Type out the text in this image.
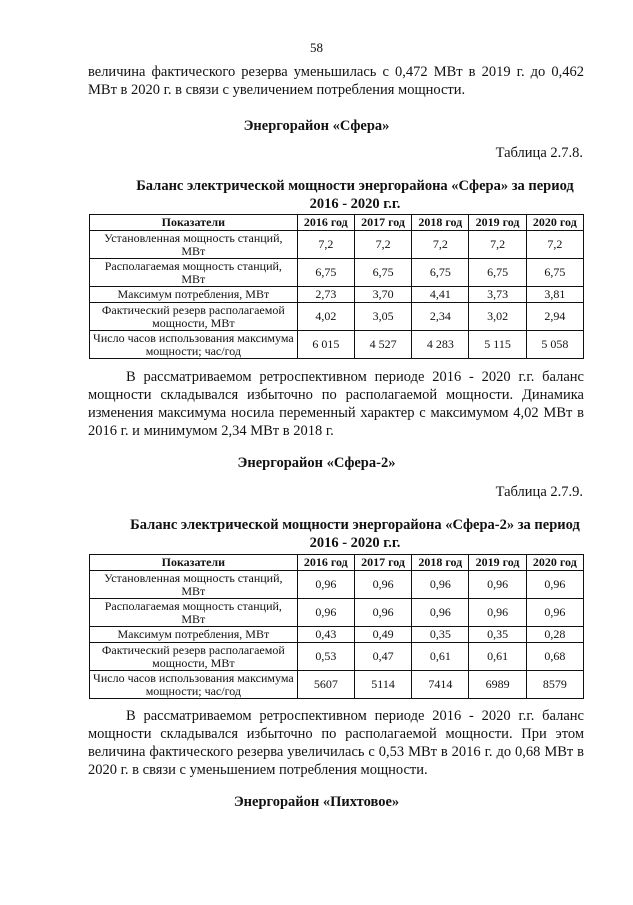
58

величина фактического резерва уменьшилась с 0,472 МВт в 2019 г. до 0,462 МВт в 2020 г. в связи с увеличением потребления мощности.

Энергорайон «Сфера»

Таблица 2.7.8.

Баланс электрической мощности энергорайона «Сфера» за период 2016 - 2020 г.г.

Показатели	2016 год	2017 год	2018 год	2019 год	2020 год
Установленная мощность станций, МВт	7,2	7,2	7,2	7,2	7,2
Располагаемая мощность станций, МВт	6,75	6,75	6,75	6,75	6,75
Максимум потребления, МВт	2,73	3,70	4,41	3,73	3,81
Фактический резерв располагаемой мощности, МВт	4,02	3,05	2,34	3,02	2,94
Число часов использования максимума мощности; час/год	6 015	4 527	4 283	5 115	5 058

В рассматриваемом ретроспективном периоде 2016 - 2020 г.г. баланс мощности складывался избыточно по располагаемой мощности. Динамика изменения максимума носила переменный характер с максимумом 4,02 МВт в 2016 г. и минимумом 2,34 МВт в 2018 г.

Энергорайон «Сфера-2»

Таблица 2.7.9.

Баланс электрической мощности энергорайона «Сфера-2» за период 2016 - 2020 г.г.

Показатели	2016 год	2017 год	2018 год	2019 год	2020 год
Установленная мощность станций, МВт	0,96	0,96	0,96	0,96	0,96
Располагаемая мощность станций, МВт	0,96	0,96	0,96	0,96	0,96
Максимум потребления, МВт	0,43	0,49	0,35	0,35	0,28
Фактический резерв располагаемой мощности, МВт	0,53	0,47	0,61	0,61	0,68
Число часов использования максимума мощности; час/год	5607	5114	7414	6989	8579

В рассматриваемом ретроспективном периоде 2016 - 2020 г.г. баланс мощности складывался избыточно по располагаемой мощности. При этом величина фактического резерва увеличилась с 0,53 МВт в 2016 г. до 0,68 МВт в 2020 г. в связи с уменьшением потребления мощности.

Энергорайон «Пихтовое»
